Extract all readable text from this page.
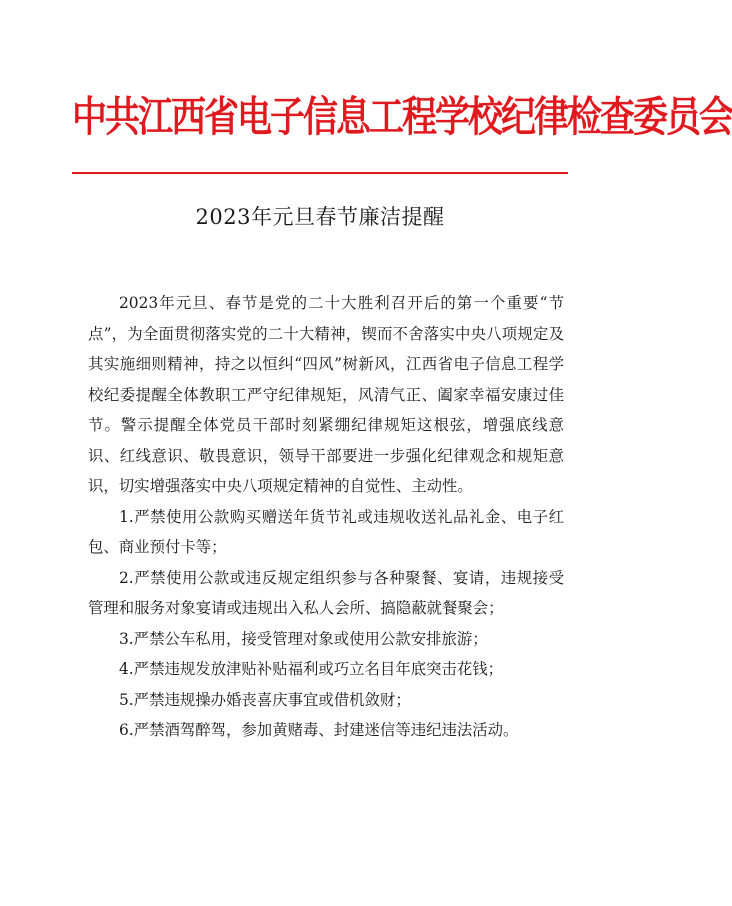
中共江西省电子信息工程学校纪律检查委员会
2023年元旦春节廉洁提醒

2023年元旦、春节是党的二十大胜利召开后的第一个重要“节点”，为全面贯彻落实党的二十大精神，锲而不舍落实中央八项规定及其实施细则精神，持之以恒纠“四风”树新风，江西省电子信息工程学校纪委提醒全体教职工严守纪律规矩，风清气正、阖家幸福安康过佳节。警示提醒全体党员干部时刻紧绷纪律规矩这根弦，增强底线意识、红线意识、敬畏意识，领导干部要进一步强化纪律观念和规矩意识，切实增强落实中央八项规定精神的自觉性、主动性。

1.严禁使用公款购买赠送年货节礼或违规收送礼品礼金、电子红包、商业预付卡等；

2.严禁使用公款或违反规定组织参与各种聚餐、宴请，违规接受管理和服务对象宴请或违规出入私人会所、搞隐蔽就餐聚会；

3.严禁公车私用，接受管理对象或使用公款安排旅游；

4.严禁违规发放津贴补贴福利或巧立名目年底突击花钱；

5.严禁违规操办婚丧喜庆事宜或借机敛财；

6.严禁酒驾醉驾，参加黄赌毒、封建迷信等违纪违法活动。
